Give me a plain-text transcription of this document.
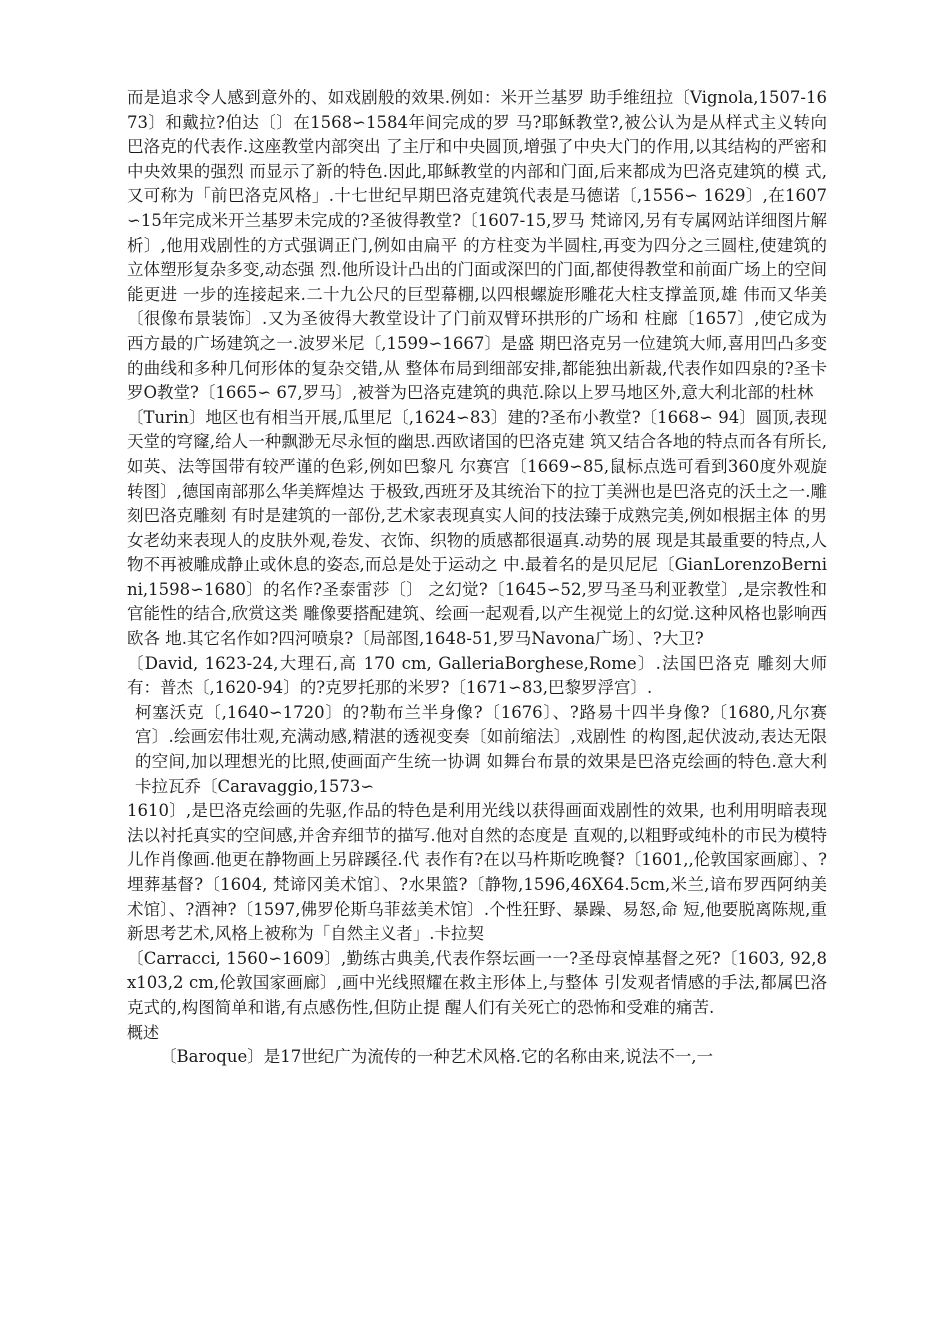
而是追求令人感到意外的、如戏剧般的效果.例如：米开兰基罗 助手维纽拉〔Vignola,1507-1673〕和戴拉?伯达〔〕在1568∽1584年间完成的罗 马?耶稣教堂?,被公认为是从样式主义转向巴洛克的代表作.这座教堂内部突出 了主厅和中央圆顶,增强了中央大门的作用,以其结构的严密和中央效果的强烈 而显示了新的特色.因此,耶稣教堂的内部和门面,后来都成为巴洛克建筑的模 式,又可称为「前巴洛克风格」.十七世纪早期巴洛克建筑代表是马德诺〔,1556∽ 1629〕,在1607∽15年完成米开兰基罗未完成的?圣彼得教堂?〔1607-15,罗马 梵谛冈,另有专属网站详细图片解析〕,他用戏剧性的方式强调正门,例如由扁平 的方柱变为半圆柱,再变为四分之三圆柱,使建筑的立体塑形复杂多变,动态强 烈.他所设计凸出的门面或深凹的门面,都使得教堂和前面广场上的空间能更进 一步的连接起来.二十九公尺的巨型幕棚,以四根螺旋形雕花大柱支撑盖顶,雄 伟而又华美〔很像布景装饰〕.又为圣彼得大教堂设计了门前双臂环拱形的广场和 柱廊〔1657〕,使它成为西方最的广场建筑之一.波罗米尼〔,1599∽1667〕是盛 期巴洛克另一位建筑大师,喜用凹凸多变的曲线和多种几何形体的复杂交错,从 整体布局到细部安排,都能独出新裁,代表作如四泉的?圣卡罗O教堂?〔1665∽ 67,罗马〕,被誉为巴洛克建筑的典范.除以上罗马地区外,意大利北部的杜林

〔Turin〕地区也有相当开展,瓜里尼〔,1624∽83〕建的?圣布小教堂?〔1668∽ 94〕圆顶,表现天堂的穹窿,给人一种飘渺无尽永恒的幽思.西欧诸国的巴洛克建 筑又结合各地的特点而各有所长,如英、法等国带有较严谨的色彩,例如巴黎凡 尔赛宫〔1669∽85,鼠标点选可看到360度外观旋转图〕,德国南部那么华美辉煌达 于极致,西班牙及其统治下的拉丁美洲也是巴洛克的沃土之一.雕刻巴洛克雕刻 有时是建筑的一部份,艺术家表现真实人间的技法臻于成熟完美,例如根据主体 的男女老幼来表现人的皮肤外观,卷发、衣饰、织物的质感都很逼真.动势的展 现是其最重要的特点,人物不再被雕成静止或休息的姿态,而总是处于运动之 中.最着名的是贝尼尼〔GianLorenzoBernini,1598∽1680〕的名作?圣泰雷莎〔〕 之幻觉?〔1645∽52,罗马圣马利亚教堂〕,是宗教性和官能性的结合,欣赏这类 雕像要搭配建筑、绘画一起观看,以产生视觉上的幻觉.这种风格也影响西欧各 地.其它名作如?四河喷泉?〔局部图,1648-51,罗马Navona广场〕、?大卫?

〔David, 1623-24,大理石,高 170 cm, GalleriaBorghese,Rome〕.法国巴洛克 雕刻大师有：普杰〔,1620-94〕的?克罗托那的米罗?〔1671∽83,巴黎罗浮宫〕.

柯塞沃克〔,1640∽1720〕的?勒布兰半身像?〔1676〕、?路易十四半身像?〔1680,凡尔赛宫〕.绘画宏伟壮观,充满动感,精湛的透视变奏〔如前缩法〕,戏剧性 的构图,起伏波动,表达无限的空间,加以理想光的比照,使画面产生统一协调 如舞台布景的效果是巴洛克绘画的特色.意大利卡拉瓦乔〔Caravaggio,1573∽

1610〕,是巴洛克绘画的先驱,作品的特色是利用光线以获得画面戏剧性的效果, 也利用明暗表现法以衬托真实的空间感,并舍弃细节的描写.他对自然的态度是 直观的,以粗野或纯朴的市民为模特儿作肖像画.他更在静物画上另辟蹊径.代 表作有?在以马杵斯吃晚餐?〔1601,,伦敦国家画廊〕、?埋葬基督?〔1604, 梵谛冈美术馆〕、?水果篮?〔静物,1596,46X64.5cm,米兰,谙布罗西阿纳美 术馆〕、?酒神?〔1597,佛罗伦斯乌菲兹美术馆〕.个性狂野、暴躁、易怒,命 短,他要脱离陈规,重新思考艺术,风格上被称为「自然主义者」.卡拉契

〔Carracci, 1560∽1609〕,勤练古典美,代表作祭坛画一一?圣母哀悼基督之死?〔1603, 92,8x103,2 cm,伦敦国家画廊〕,画中光线照耀在救主形体上,与整体 引发观者情感的手法,都属巴洛克式的,构图简单和谐,有点感伤性,但防止提 醒人们有关死亡的恐怖和受难的痛苦.

概述

〔Baroque〕是17世纪广为流传的一种艺术风格.它的名称由来,说法不一,一
